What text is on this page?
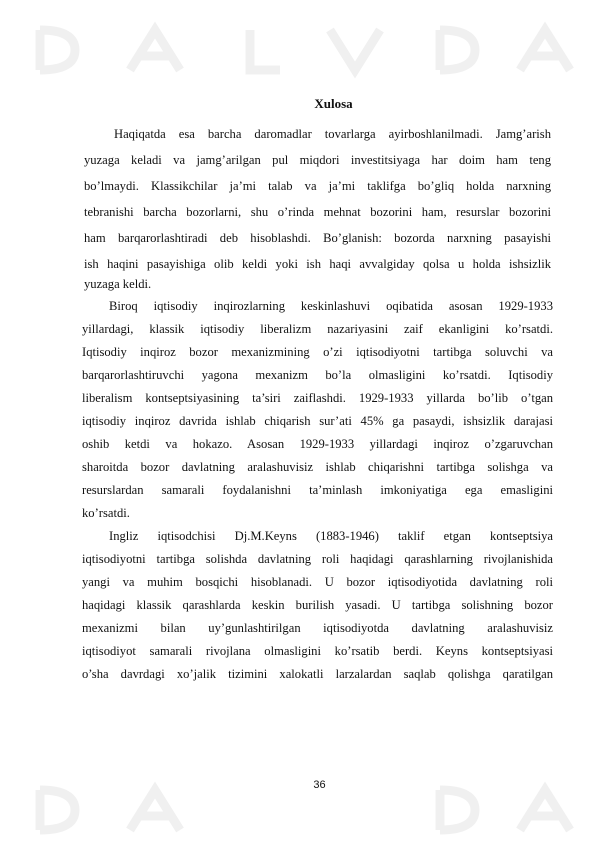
Xulosa
Haqiqatda esa barcha daromadlar tovarlarga ayirboshlanilmadi. Jamg’arish
yuzaga keladi va jamg’arilgan pul miqdori investitsiyaga har doim ham teng
bo’lmaydi. Klassikchilar ja’mi talab va ja’mi taklifga bo’gliq holda narxning
tebranishi barcha bozorlarni, shu o’rinda mehnat bozorini ham, resurslar bozorini
ham barqarorlashtiradi deb hisoblashdi. Bo’glanish: bozorda narxning pasayishi
ish haqini pasayishiga olib keldi yoki ish haqi avvalgiday qolsa u holda ishsizlik
yuzaga keldi.
Biroq iqtisodiy inqirozlarning keskinlashuvi oqibatida asosan 1929-1933
yillardagi, klassik iqtisodiy liberalizm nazariyasini zaif ekanligini ko’rsatdi.
Iqtisodiy inqiroz bozor mexanizmining o’zi iqtisodiyotni tartibga soluvchi va
barqarorlashtiruvchi yagona mexanizm bo’la olmasligini ko’rsatdi. Iqtisodiy
liberalism kontseptsiyasining ta’siri zaiflashdi. 1929-1933 yillarda bo’lib o’tgan
iqtisodiy inqiroz davrida ishlab chiqarish sur’ati 45% ga pasaydi, ishsizlik darajasi
oshib ketdi va hokazo. Asosan 1929-1933 yillardagi inqiroz o’zgaruvchan
sharoitda bozor davlatning aralashuvisiz ishlab chiqarishni tartibga solishga va
resurslardan samarali foydalanishni ta’minlash imkoniyatiga ega emasligini
ko’rsatdi.
Ingliz iqtisodchisi Dj.M.Keyns (1883-1946) taklif etgan kontseptsiya
iqtisodiyotni tartibga solishda davlatning roli haqidagi qarashlarning rivojlanishida
yangi va muhim bosqichi hisoblanadi. U bozor iqtisodiyotida davlatning roli
haqidagi klassik qarashlarda keskin burilish yasadi. U tartibga solishning bozor
mexanizmi bilan uy’gunlashtirilgan iqtisodiyotda davlatning aralashuvisiz
iqtisodiyot samarali rivojlana olmasligini ko’rsatib berdi. Keyns kontseptsiyasi
o’sha davrdagi xo’jalik tizimini xalokatli larzalardan saqlab qolishga qaratilgan
36
